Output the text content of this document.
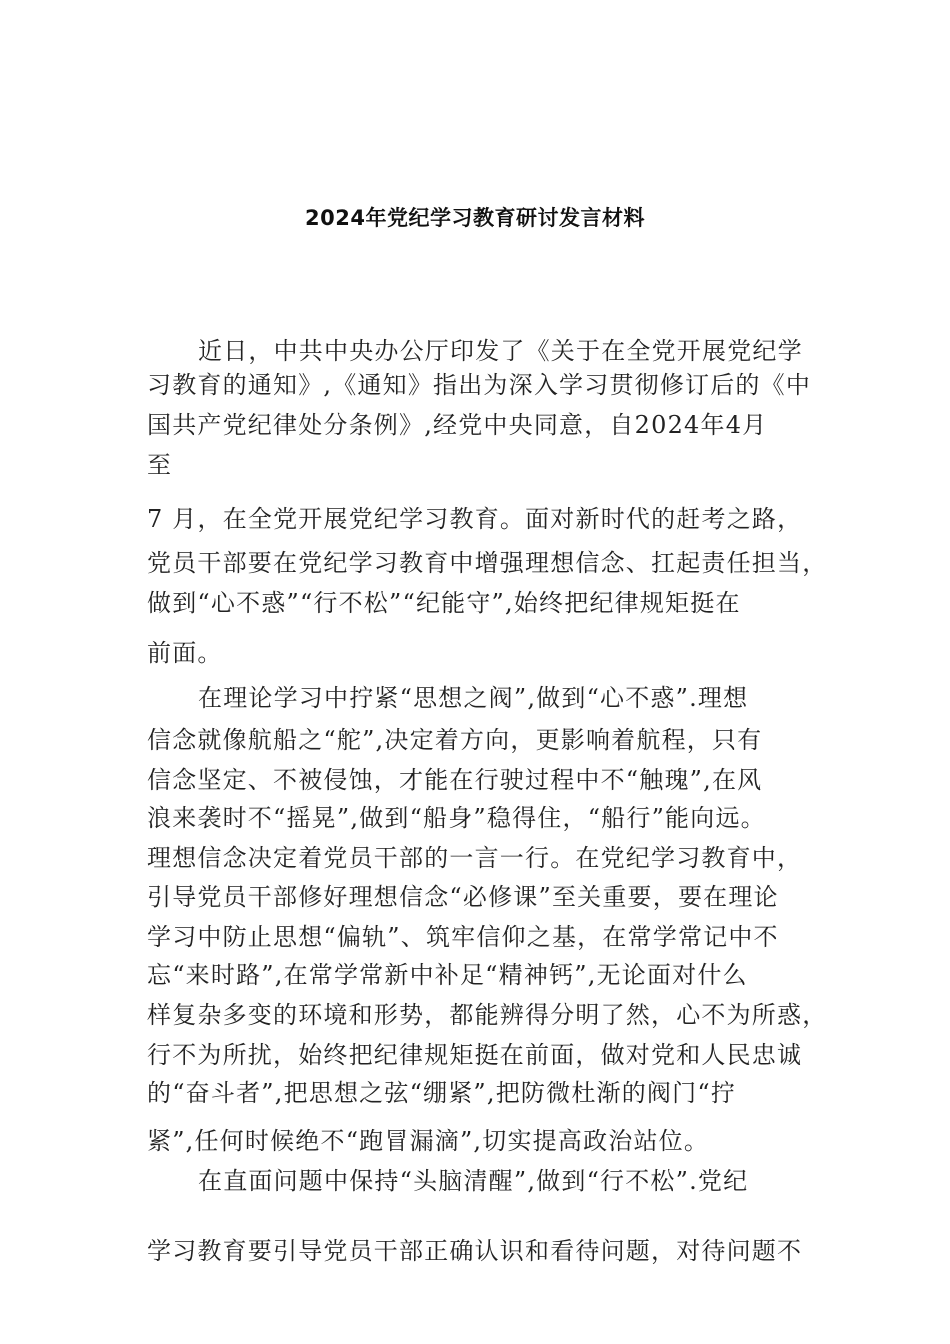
2024年党纪学习教育研讨发言材料
近日，中共中央办公厅印发了《关于在全党开展党纪学
习教育的通知》,《通知》指出为深入学习贯彻修订后的《中
国共产党纪律处分条例》,经党中央同意，自2024年4月
至
7 月，在全党开展党纪学习教育。面对新时代的赶考之路，
党员干部要在党纪学习教育中增强理想信念、扛起责任担当，
做到“心不惑”“行不松”“纪能守”,始终把纪律规矩挺在
前面。
在理论学习中拧紧“思想之阀”,做到“心不惑”.理想
信念就像航船之“舵”,决定着方向，更影响着航程，只有
信念坚定、不被侵蚀，才能在行驶过程中不“触瑰”,在风
浪来袭时不“摇晃”,做到“船身”稳得住，“船行”能向远。
理想信念决定着党员干部的一言一行。在党纪学习教育中，
引导党员干部修好理想信念“必修课”至关重要，要在理论
学习中防止思想“偏轨”、筑牢信仰之基，在常学常记中不
忘“来时路”,在常学常新中补足“精神钙”,无论面对什么
样复杂多变的环境和形势，都能辨得分明了然，心不为所惑，
行不为所扰，始终把纪律规矩挺在前面，做对党和人民忠诚
的“奋斗者”,把思想之弦“绷紧”,把防微杜渐的阀门“拧
紧”,任何时候绝不“跑冒漏滴”,切实提高政治站位。
在直面问题中保持“头脑清醒”,做到“行不松”.党纪
学习教育要引导党员干部正确认识和看待问题，对待问题不
